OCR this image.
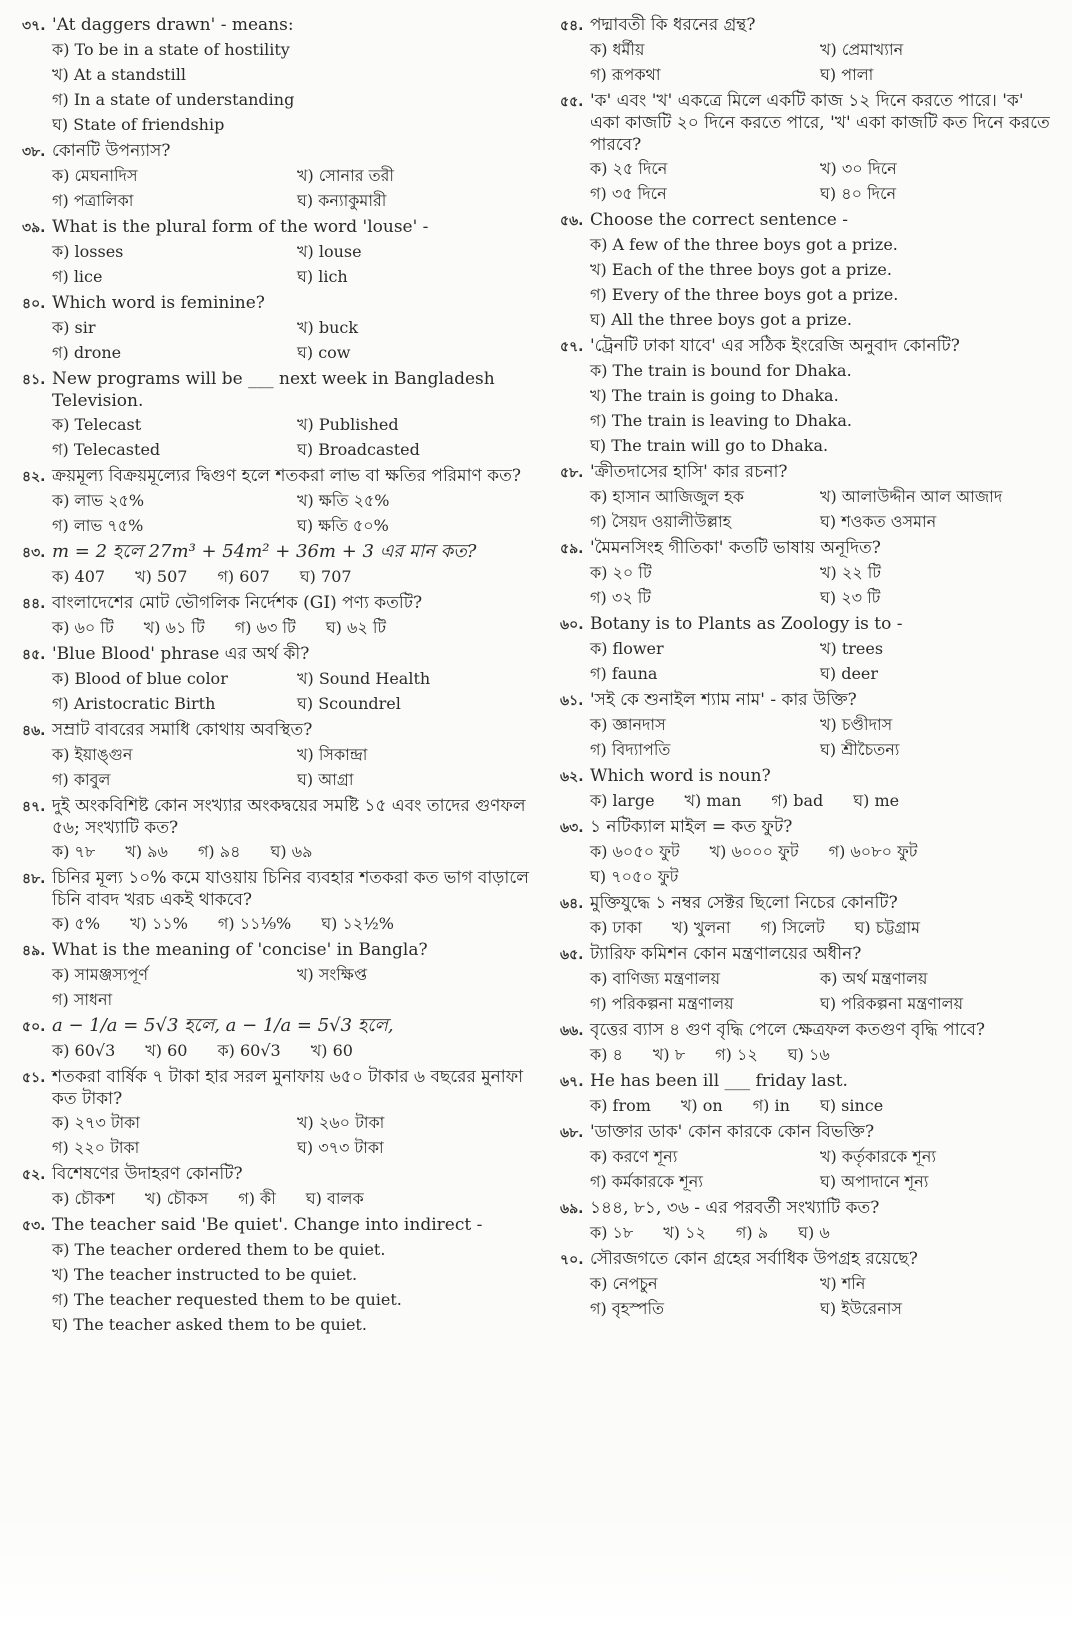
৩৭. 'At daggers drawn' - means:
ক) To be in a state of hostility
খ) At a standstill
গ) In a state of understanding
ঘ) State of friendship
৩৮. কোনটি উপন্যাস?
ক) মেঘনাদিস	খ) সোনার তরী
গ) পত্রালিকা	ঘ) কন্যাকুমারী
৩৯. What is the plural form of the word 'louse' -
ক) losses	খ) louse
গ) lice	ঘ) lich
৪০. Which word is feminine?
ক) sir	খ) buck
গ) drone	ঘ) cow
৪১. New programs will be ___ next week in Bangladesh Television.
ক) Telecast	খ) Published
গ) Telecasted	ঘ) Broadcasted
৪২. ক্রয়মূল্য বিক্রয়মূল্যের দ্বিগুণ হলে শতকরা লাভ বা ক্ষতির পরিমাণ কত?
ক) লাভ ২৫%	খ) ক্ষতি ২৫%
গ) লাভ ৭৫%	ঘ) ক্ষতি ৫০%
৪৩. m = 2 হলে 27m³ + 54m² + 36m + 3 এর মান কত?
ক) 407 খ) 507 গ) 607 ঘ) 707
৪৪. বাংলাদেশের মোট ভৌগলিক নির্দেশক (GI) পণ্য কতটি?
ক) ৬০ টি খ) ৬১ টি গ) ৬৩ টি ঘ) ৬২ টি
৪৫. 'Blue Blood' phrase এর অর্থ কী?
ক) Blood of blue color	খ) Sound Health
গ) Aristocratic Birth	ঘ) Scoundrel
৪৬. সম্রাট বাবরের সমাধি কোথায় অবস্থিত?
ক) ইয়াঙ্গুন	খ) সিকান্দ্রা
গ) কাবুল	ঘ) আগ্রা
৪৭. দুই অংকবিশিষ্ট কোন সংখ্যার অংকদ্বয়ের সমষ্টি ১৫ এবং তাদের গুণফল ৫৬; সংখ্যাটি কত?
ক) ৭৮ খ) ৯৬ গ) ৯৪ ঘ) ৬৯
৪৮. চিনির মূল্য ১০% কমে যাওয়ায় চিনির ব্যবহার শতকরা কত ভাগ বাড়ালে চিনি বাবদ খরচ একই থাকবে?
ক) ৫% খ) ১১% গ) ১১⅑% ঘ) ১২½%
৪৯. What is the meaning of 'concise' in Bangla?
ক) সামঞ্জস্যপূর্ণ	খ) সংক্ষিপ্ত
গ) সাধনা
৫০. a − 1/a = 5√3 হলে, a − 1/a = 5√3 হলে,
ক) 60√3 খ) 60 ক) 60√3 খ) 60
৫১. শতকরা বার্ষিক ৭ টাকা হার সরল মুনাফায় ৬৫০ টাকার ৬ বছরের মুনাফা কত টাকা?
ক) ২৭৩ টাকা	খ) ২৬০ টাকা
গ) ২২০ টাকা	ঘ) ৩৭৩ টাকা
৫২. বিশেষণের উদাহরণ কোনটি?
ক) চৌকশ খ) চৌকস গ) কী ঘ) বালক
৫৩. The teacher said 'Be quiet'. Change into indirect -
ক) The teacher ordered them to be quiet.
খ) The teacher instructed to be quiet.
গ) The teacher requested them to be quiet.
ঘ) The teacher asked them to be quiet.
৫৪. পদ্মাবতী কি ধরনের গ্রন্থ?
ক) ধর্মীয়	খ) প্রেমাখ্যান
গ) রূপকথা	ঘ) পালা
৫৫. 'ক' এবং 'খ' একত্রে মিলে একটি কাজ ১২ দিনে করতে পারে। 'ক' একা কাজটি ২০ দিনে করতে পারে, 'খ' একা কাজটি কত দিনে করতে পারবে?
ক) ২৫ দিনে	খ) ৩০ দিনে
গ) ৩৫ দিনে	ঘ) ৪০ দিনে
৫৬. Choose the correct sentence -
ক) A few of the three boys got a prize.
খ) Each of the three boys got a prize.
গ) Every of the three boys got a prize.
ঘ) All the three boys got a prize.
৫৭. 'ট্রেনটি ঢাকা যাবে' এর সঠিক ইংরেজি অনুবাদ কোনটি?
ক) The train is bound for Dhaka.
খ) The train is going to Dhaka.
গ) The train is leaving to Dhaka.
ঘ) The train will go to Dhaka.
৫৮. 'ক্রীতদাসের হাসি' কার রচনা?
ক) হাসান আজিজুল হক	খ) আলাউদ্দীন আল আজাদ
গ) সৈয়দ ওয়ালীউল্লাহ	ঘ) শওকত ওসমান
৫৯. 'মৈমনসিংহ গীতিকা' কতটি ভাষায় অনূদিত?
ক) ২০ টি	খ) ২২ টি
গ) ৩২ টি	ঘ) ২৩ টি
৬০. Botany is to Plants as Zoology is to -
ক) flower	খ) trees
গ) fauna	ঘ) deer
৬১. 'সই কে শুনাইল শ্যাম নাম' - কার উক্তি?
ক) জ্ঞানদাস	খ) চণ্ডীদাস
গ) বিদ্যাপতি	ঘ) শ্রীচৈতন্য
৬২. Which word is noun?
ক) large খ) man গ) bad ঘ) me
৬৩. ১ নটিক্যাল মাইল = কত ফুট?
ক) ৬০৫০ ফুট খ) ৬০০০ ফুট গ) ৬০৮০ ফুট
ঘ) ৭০৫০ ফুট
৬৪. মুক্তিযুদ্ধে ১ নম্বর সেক্টর ছিলো নিচের কোনটি?
ক) ঢাকা খ) খুলনা গ) সিলেট ঘ) চট্টগ্রাম
৬৫. ট্যারিফ কমিশন কোন মন্ত্রণালয়ের অধীন?
ক) বাণিজ্য মন্ত্রণালয়	ক) অর্থ মন্ত্রণালয়
গ) পরিকল্পনা মন্ত্রণালয়	ঘ) পরিকল্পনা মন্ত্রণালয়
৬৬. বৃত্তের ব্যাস ৪ গুণ বৃদ্ধি পেলে ক্ষেত্রফল কতগুণ বৃদ্ধি পাবে?
ক) ৪ খ) ৮ গ) ১২ ঘ) ১৬
৬৭. He has been ill ___ friday last.
ক) from খ) on গ) in ঘ) since
৬৮. 'ডাক্তার ডাক' কোন কারকে কোন বিভক্তি?
ক) করণে শূন্য	খ) কর্তৃকারকে শূন্য
গ) কর্মকারকে শূন্য	ঘ) অপাদানে শূন্য
৬৯. ১৪৪, ৮১, ৩৬ - এর পরবর্তী সংখ্যাটি কত?
ক) ১৮ খ) ১২ গ) ৯ ঘ) ৬
৭০. সৌরজগতে কোন গ্রহের সর্বাধিক উপগ্রহ রয়েছে?
ক) নেপচুন	খ) শনি
গ) বৃহস্পতি	ঘ) ইউরেনাস
